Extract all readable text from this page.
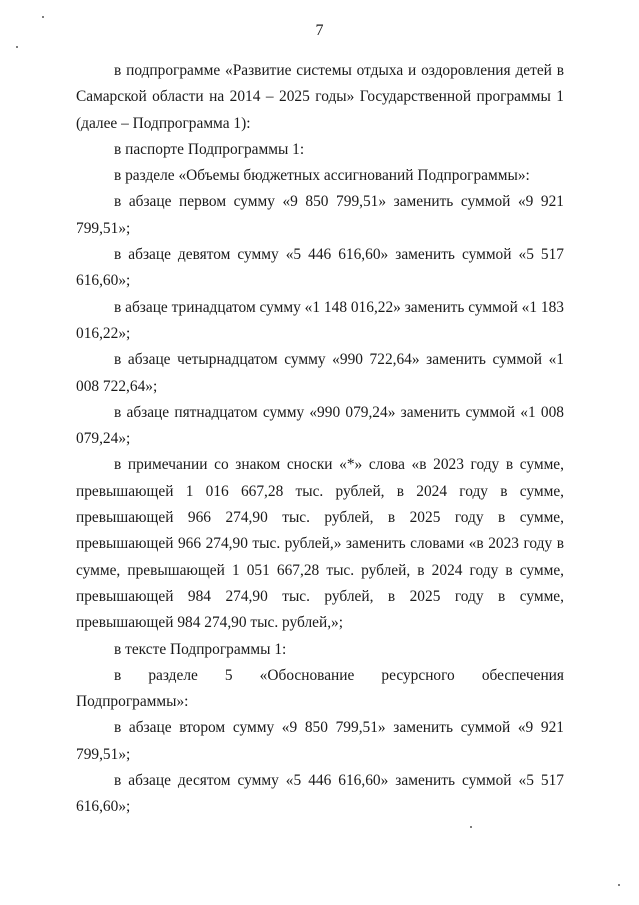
7

в подпрограмме «Развитие системы отдыха и оздоровления детей в Самарской области на 2014 – 2025 годы» Государственной программы 1 (далее – Подпрограмма 1):

в паспорте Подпрограммы 1:

в разделе «Объемы бюджетных ассигнований Подпрограммы»:

в абзаце первом сумму «9 850 799,51» заменить суммой «9 921 799,51»;

в абзаце девятом сумму «5 446 616,60» заменить суммой «5 517 616,60»;

в абзаце тринадцатом сумму «1 148 016,22» заменить суммой «1 183 016,22»;

в абзаце четырнадцатом сумму «990 722,64» заменить суммой «1 008 722,64»;

в абзаце пятнадцатом сумму «990 079,24» заменить суммой «1 008 079,24»;

в примечании со знаком сноски «*» слова «в 2023 году в сумме, превышающей 1 016 667,28 тыс. рублей, в 2024 году в сумме, превышающей 966 274,90 тыс. рублей, в 2025 году в сумме, превышающей 966 274,90 тыс. рублей,» заменить словами «в 2023 году в сумме, превышающей 1 051 667,28 тыс. рублей, в 2024 году в сумме, превышающей 984 274,90 тыс. рублей, в 2025 году в сумме, превышающей 984 274,90 тыс. рублей,»;

в тексте Подпрограммы 1:

в разделе 5 «Обоснование ресурсного обеспечения Подпрограммы»:

в абзаце втором сумму «9 850 799,51» заменить суммой «9 921 799,51»;

в абзаце десятом сумму «5 446 616,60» заменить суммой «5 517 616,60»;
